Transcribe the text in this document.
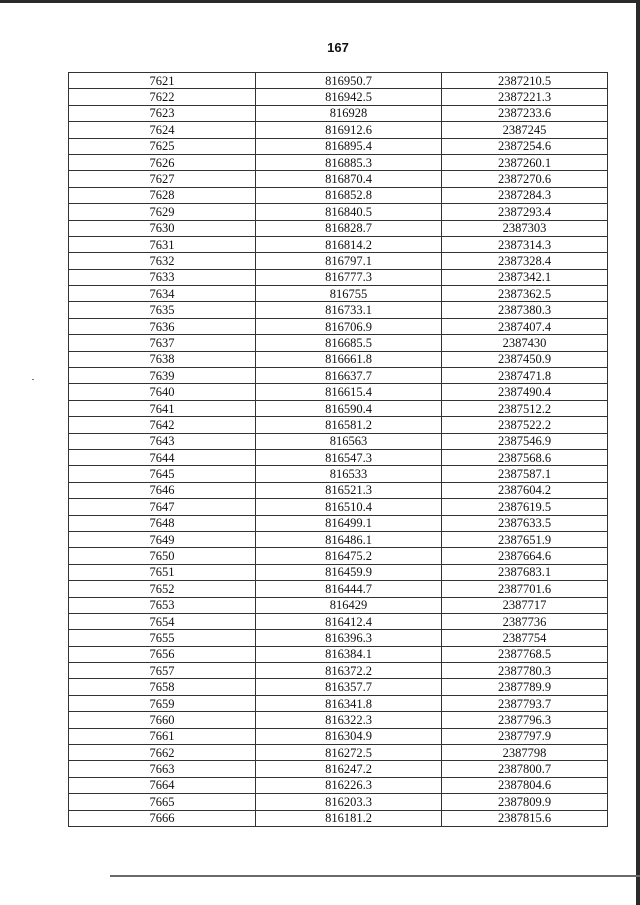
167
7621	816950.7	2387210.5
7622	816942.5	2387221.3
7623	816928	2387233.6
7624	816912.6	2387245
7625	816895.4	2387254.6
7626	816885.3	2387260.1
7627	816870.4	2387270.6
7628	816852.8	2387284.3
7629	816840.5	2387293.4
7630	816828.7	2387303
7631	816814.2	2387314.3
7632	816797.1	2387328.4
7633	816777.3	2387342.1
7634	816755	2387362.5
7635	816733.1	2387380.3
7636	816706.9	2387407.4
7637	816685.5	2387430
7638	816661.8	2387450.9
7639	816637.7	2387471.8
7640	816615.4	2387490.4
7641	816590.4	2387512.2
7642	816581.2	2387522.2
7643	816563	2387546.9
7644	816547.3	2387568.6
7645	816533	2387587.1
7646	816521.3	2387604.2
7647	816510.4	2387619.5
7648	816499.1	2387633.5
7649	816486.1	2387651.9
7650	816475.2	2387664.6
7651	816459.9	2387683.1
7652	816444.7	2387701.6
7653	816429	2387717
7654	816412.4	2387736
7655	816396.3	2387754
7656	816384.1	2387768.5
7657	816372.2	2387780.3
7658	816357.7	2387789.9
7659	816341.8	2387793.7
7660	816322.3	2387796.3
7661	816304.9	2387797.9
7662	816272.5	2387798
7663	816247.2	2387800.7
7664	816226.3	2387804.6
7665	816203.3	2387809.9
7666	816181.2	2387815.6
